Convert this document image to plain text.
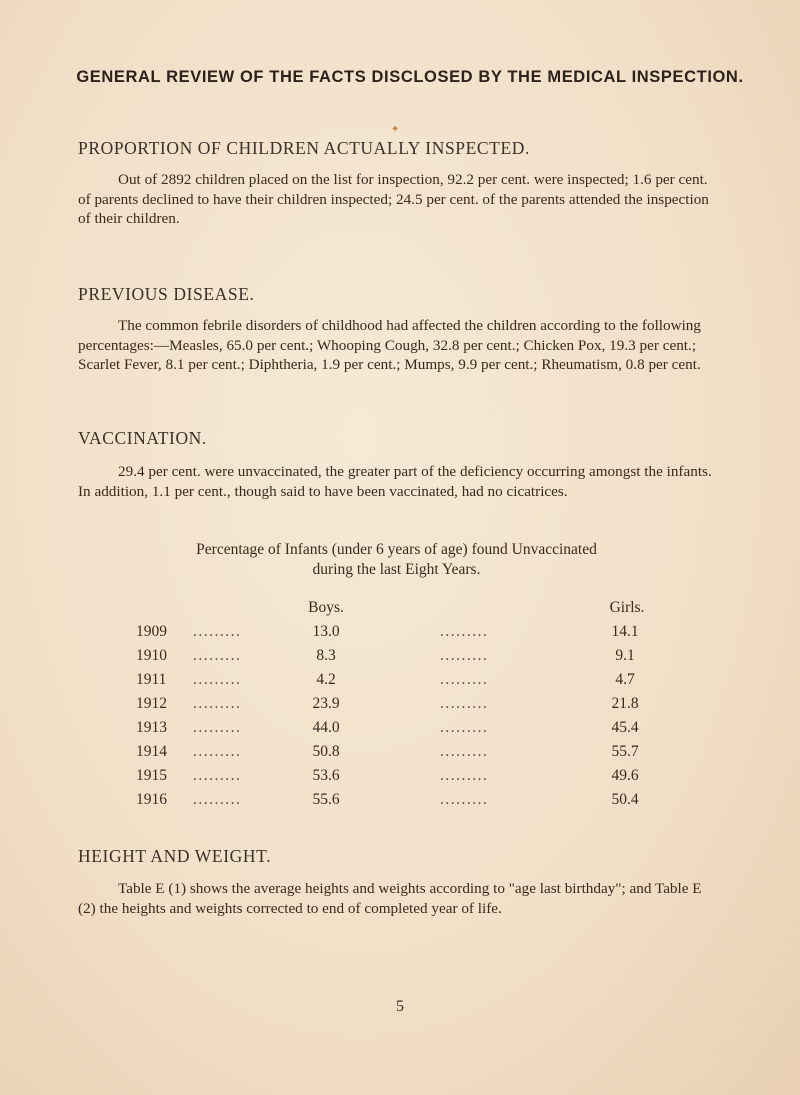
GENERAL REVIEW OF THE FACTS DISCLOSED BY THE MEDICAL INSPECTION.
✦
PROPORTION OF CHILDREN ACTUALLY INSPECTED.
Out of 2892 children placed on the list for inspection, 92.2 per cent. were inspected; 1.6 per cent. of parents declined to have their children inspected; 24.5 per cent. of the parents attended the inspection of their children.
PREVIOUS DISEASE.
The common febrile disorders of childhood had affected the children according to the following percentages:—Measles, 65.0 per cent.; Whooping Cough, 32.8 per cent.; Chicken Pox, 19.3 per cent.; Scarlet Fever, 8.1 per cent.; Diphtheria, 1.9 per cent.; Mumps, 9.9 per cent.; Rheumatism, 0.8 per cent.
VACCINATION.
29.4 per cent. were unvaccinated, the greater part of the deficiency occurring amongst the infants. In addition, 1.1 per cent., though said to have been vaccinated, had no cicatrices.
Percentage of Infants (under 6 years of age) found Unvaccinated
during the last Eight Years.
Boys.	Girls.
1909 .........	13.0	.........	14.1
1910 .........	8.3	.........	9.1
1911 .........	4.2	.........	4.7
1912 .........	23.9	.........	21.8
1913 .........	44.0	.........	45.4
1914 .........	50.8	.........	55.7
1915 .........	53.6	.........	49.6
1916 .........	55.6	.........	50.4
HEIGHT AND WEIGHT.
Table E (1) shows the average heights and weights according to "age last birthday"; and Table E (2) the heights and weights corrected to end of completed year of life.
5
